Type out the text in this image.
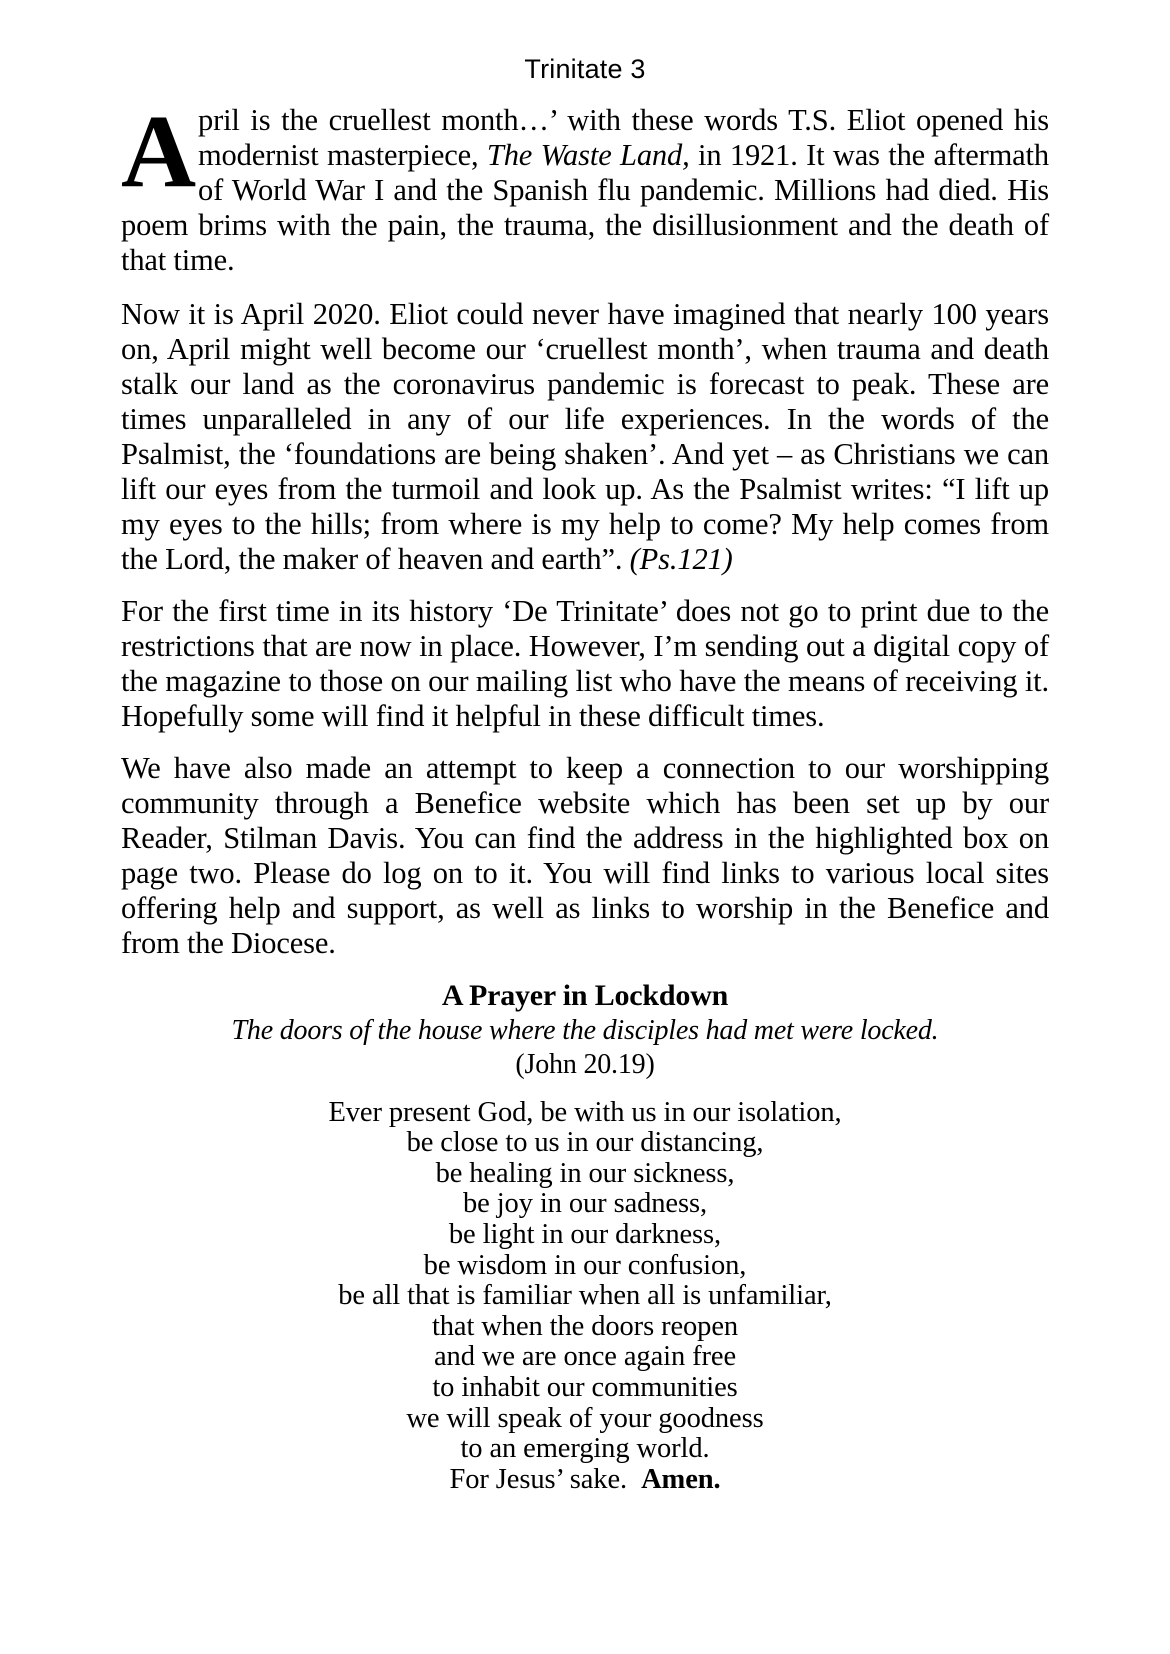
Trinitate 3

April is the cruellest month…’ with these words T.S. Eliot opened his modernist masterpiece, The Waste Land, in 1921. It was the aftermath of World War I and the Spanish flu pandemic. Millions had died. His poem brims with the pain, the trauma, the disillusionment and the death of that time.

Now it is April 2020. Eliot could never have imagined that nearly 100 years on, April might well become our ‘cruellest month’, when trauma and death stalk our land as the coronavirus pandemic is forecast to peak. These are times unparalleled in any of our life experiences. In the words of the Psalmist, the ‘foundations are being shaken’. And yet – as Christians we can lift our eyes from the turmoil and look up. As the Psalmist writes: “I lift up my eyes to the hills; from where is my help to come? My help comes from the Lord, the maker of heaven and earth”. (Ps.121)

For the first time in its history ‘De Trinitate’ does not go to print due to the restrictions that are now in place. However, I’m sending out a digital copy of the magazine to those on our mailing list who have the means of receiving it. Hopefully some will find it helpful in these difficult times.

We have also made an attempt to keep a connection to our worshipping community through a Benefice website which has been set up by our Reader, Stilman Davis. You can find the address in the highlighted box on page two. Please do log on to it. You will find links to various local sites offering help and support, as well as links to worship in the Benefice and from the Diocese.

A Prayer in Lockdown
The doors of the house where the disciples had met were locked.
(John 20.19)
Ever present God, be with us in our isolation,
be close to us in our distancing,
be healing in our sickness,
be joy in our sadness,
be light in our darkness,
be wisdom in our confusion,
be all that is familiar when all is unfamiliar,
that when the doors reopen
and we are once again free
to inhabit our communities
we will speak of your goodness
to an emerging world.
For Jesus’ sake.  Amen.
